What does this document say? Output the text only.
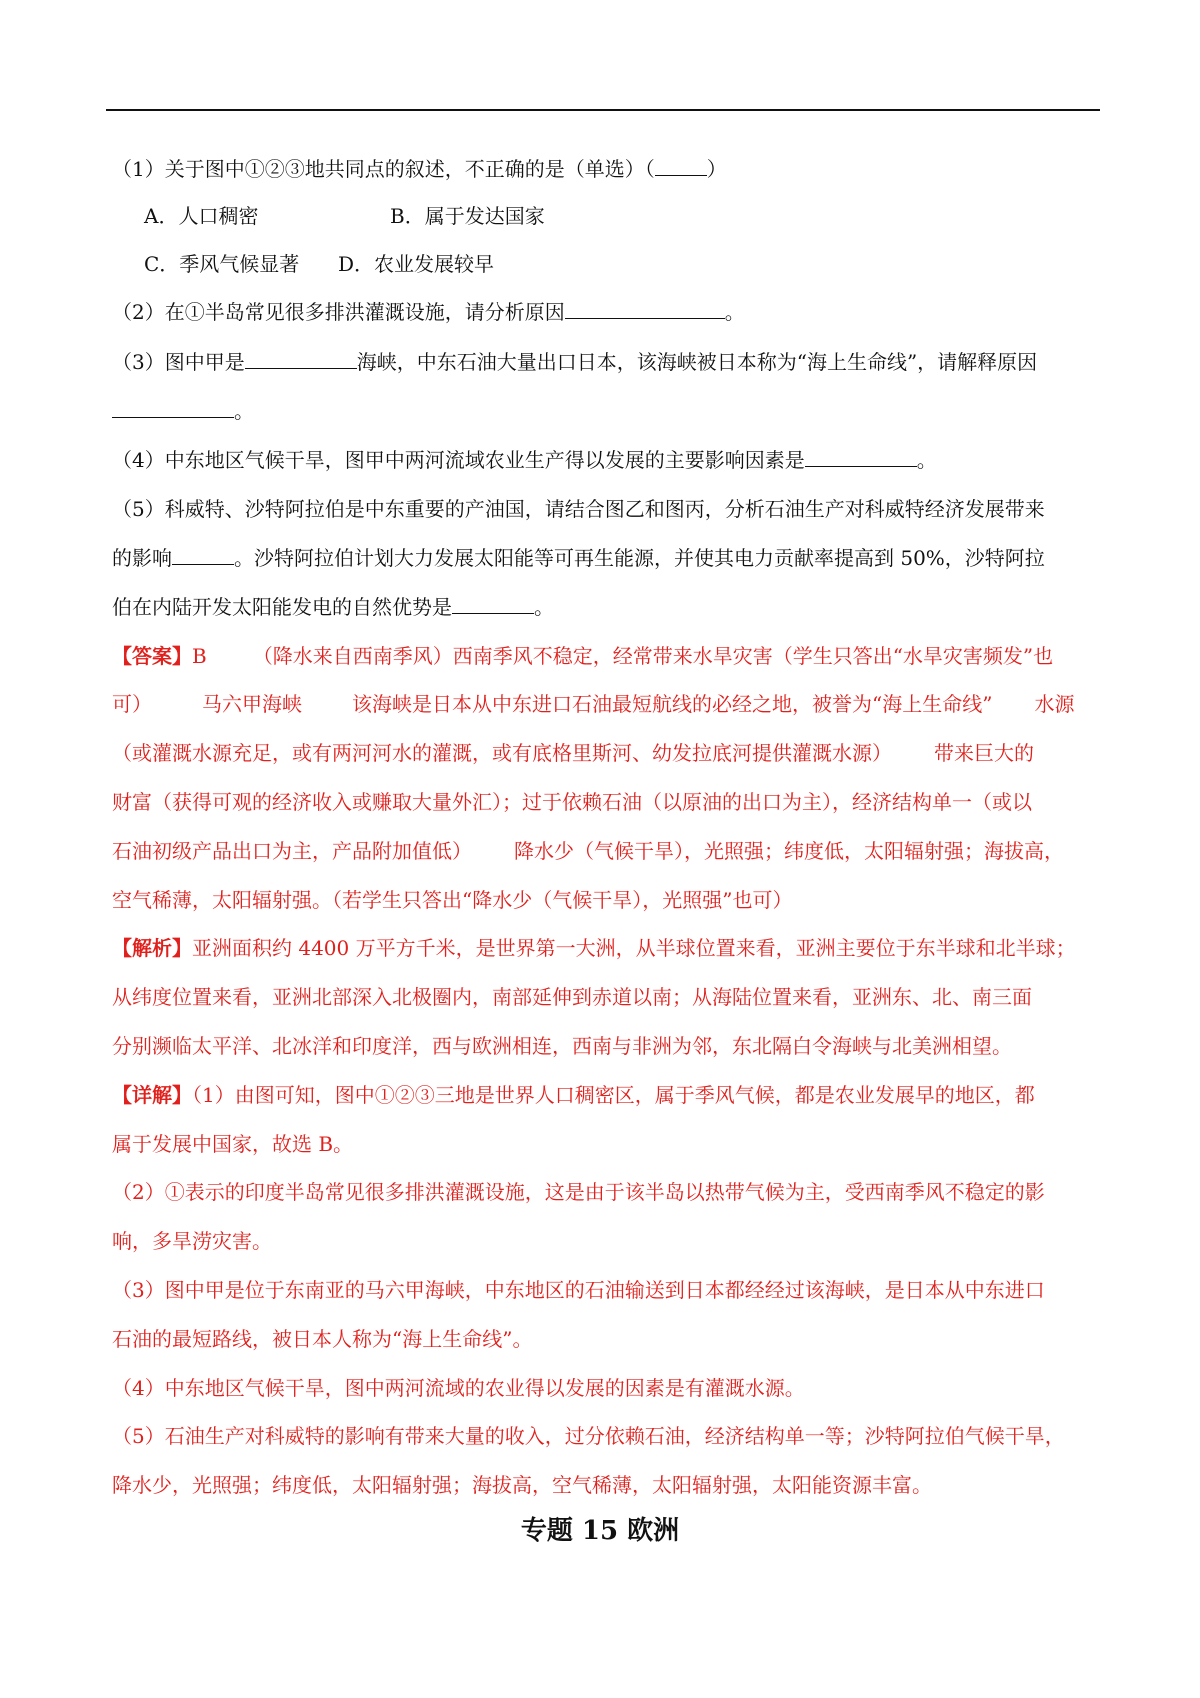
（1）关于图中①②③地共同点的叙述，不正确的是（单选）（	）
A．人口稠密	B．属于发达国家
C．季风气候显著 D．农业发展较早
（2）在①半岛常见很多排洪灌溉设施，请分析原因	。
（3）图中甲是	海峡，中东石油大量出口日本，该海峡被日本称为“海上生命线”，请解释原因
。
（4）中东地区气候干旱，图甲中两河流域农业生产得以发展的主要影响因素是	。
（5）科威特、沙特阿拉伯是中东重要的产油国，请结合图乙和图丙，分析石油生产对科威特经济发展带来
的影响	。沙特阿拉伯计划大力发展太阳能等可再生能源，并使其电力贡献率提高到 50%，沙特阿拉
伯在内陆开发太阳能发电的自然优势是	。
【答案】B （降水来自西南季风）西南季风不稳定，经常带来水旱灾害（学生只答出“水旱灾害频发”也
可）	马六甲海峡	该海峡是日本从中东进口石油最短航线的必经之地，被誉为“海上生命线” 水源
（或灌溉水源充足，或有两河河水的灌溉，或有底格里斯河、幼发拉底河提供灌溉水源） 带来巨大的
财富（获得可观的经济收入或赚取大量外汇）；过于依赖石油（以原油的出口为主），经济结构单一（或以
石油初级产品出口为主，产品附加值低） 降水少（气候干旱），光照强；纬度低，太阳辐射强；海拔高，
空气稀薄，太阳辐射强。（若学生只答出“降水少（气候干旱），光照强”也可）
【解析】亚洲面积约 4400 万平方千米，是世界第一大洲，从半球位置来看，亚洲主要位于东半球和北半球；
从纬度位置来看，亚洲北部深入北极圈内，南部延伸到赤道以南；从海陆位置来看，亚洲东、北、南三面
分别濒临太平洋、北冰洋和印度洋，西与欧洲相连，西南与非洲为邻，东北隔白令海峡与北美洲相望。
【详解】（1）由图可知，图中①②③三地是世界人口稠密区，属于季风气候，都是农业发展早的地区，都
属于发展中国家，故选 B。
（2）①表示的印度半岛常见很多排洪灌溉设施，这是由于该半岛以热带气候为主，受西南季风不稳定的影
响，多旱涝灾害。
（3）图中甲是位于东南亚的马六甲海峡，中东地区的石油输送到日本都经经过该海峡，是日本从中东进口
石油的最短路线，被日本人称为“海上生命线”。
（4）中东地区气候干旱，图中两河流域的农业得以发展的因素是有灌溉水源。
（5）石油生产对科威特的影响有带来大量的收入，过分依赖石油，经济结构单一等；沙特阿拉伯气候干旱，
降水少，光照强；纬度低，太阳辐射强；海拔高，空气稀薄，太阳辐射强，太阳能资源丰富。
专题 15 欧洲
